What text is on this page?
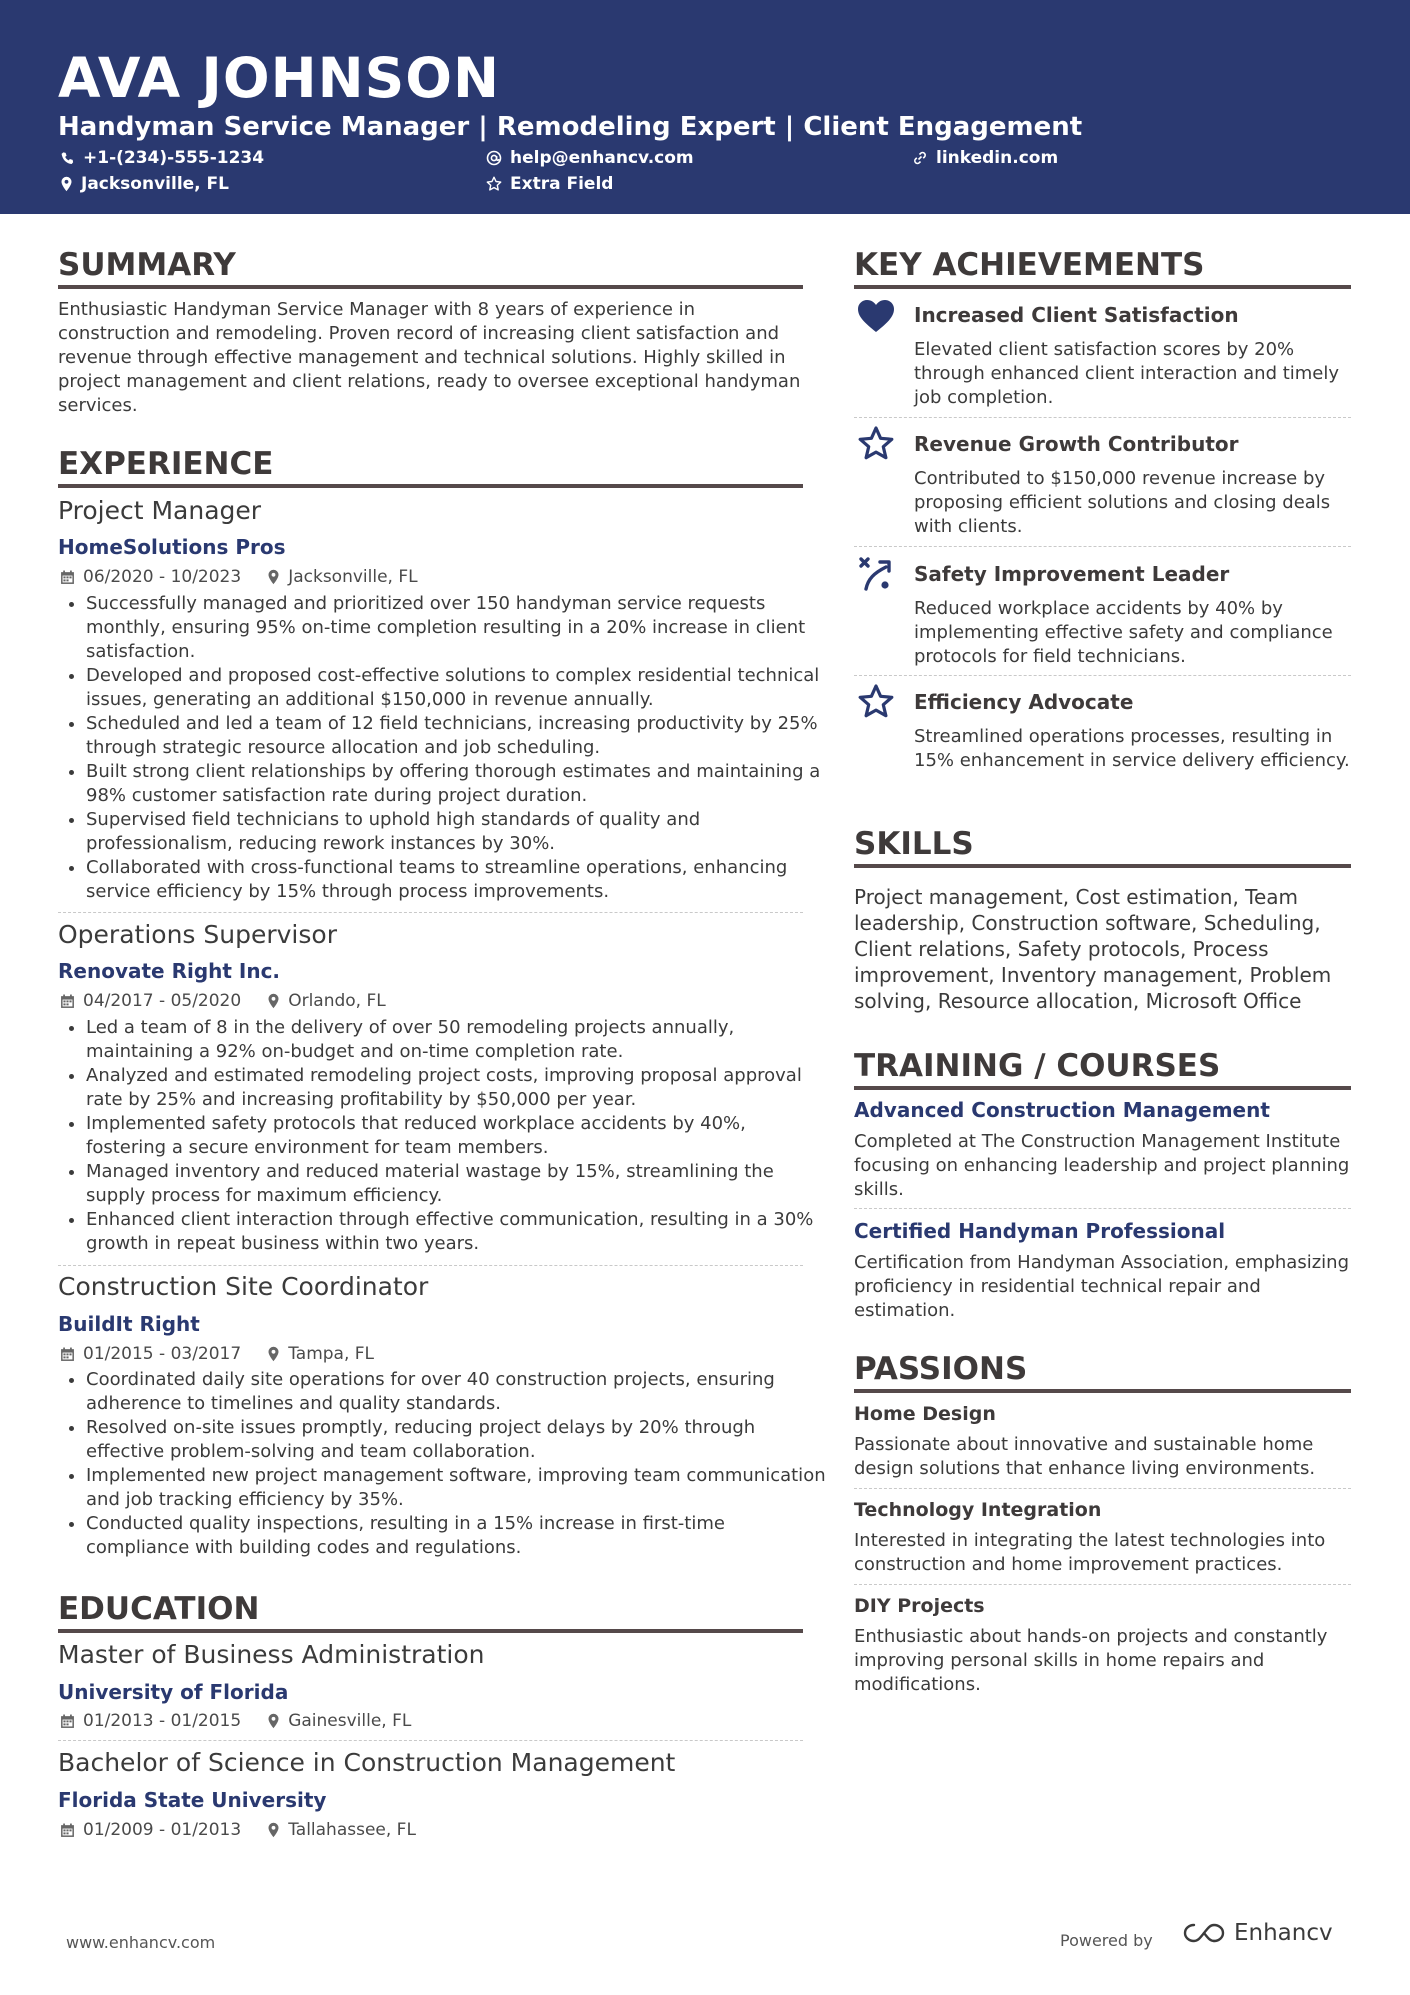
AVA JOHNSON
Handyman Service Manager | Remodeling Expert | Client Engagement
+1-(234)-555-1234	help@enhancv.com	linkedin.com
Jacksonville, FL	Extra Field
SUMMARY
Enthusiastic Handyman Service Manager with 8 years of experience in construction and remodeling. Proven record of increasing client satisfaction and revenue through effective management and technical solutions. Highly skilled in project management and client relations, ready to oversee exceptional handyman services.
EXPERIENCE
Project Manager
HomeSolutions Pros
06/2020 - 10/2023	Jacksonville, FL
• Successfully managed and prioritized over 150 handyman service requests monthly, ensuring 95% on-time completion resulting in a 20% increase in client satisfaction.
• Developed and proposed cost-effective solutions to complex residential technical issues, generating an additional $150,000 in revenue annually.
• Scheduled and led a team of 12 field technicians, increasing productivity by 25% through strategic resource allocation and job scheduling.
• Built strong client relationships by offering thorough estimates and maintaining a 98% customer satisfaction rate during project duration.
• Supervised field technicians to uphold high standards of quality and professionalism, reducing rework instances by 30%.
• Collaborated with cross-functional teams to streamline operations, enhancing service efficiency by 15% through process improvements.
Operations Supervisor
Renovate Right Inc.
04/2017 - 05/2020	Orlando, FL
• Led a team of 8 in the delivery of over 50 remodeling projects annually, maintaining a 92% on-budget and on-time completion rate.
• Analyzed and estimated remodeling project costs, improving proposal approval rate by 25% and increasing profitability by $50,000 per year.
• Implemented safety protocols that reduced workplace accidents by 40%, fostering a secure environment for team members.
• Managed inventory and reduced material wastage by 15%, streamlining the supply process for maximum efficiency.
• Enhanced client interaction through effective communication, resulting in a 30% growth in repeat business within two years.
Construction Site Coordinator
BuildIt Right
01/2015 - 03/2017	Tampa, FL
• Coordinated daily site operations for over 40 construction projects, ensuring adherence to timelines and quality standards.
• Resolved on-site issues promptly, reducing project delays by 20% through effective problem-solving and team collaboration.
• Implemented new project management software, improving team communication and job tracking efficiency by 35%.
• Conducted quality inspections, resulting in a 15% increase in first-time compliance with building codes and regulations.
EDUCATION
Master of Business Administration
University of Florida
01/2013 - 01/2015	Gainesville, FL
Bachelor of Science in Construction Management
Florida State University
01/2009 - 01/2013	Tallahassee, FL
KEY ACHIEVEMENTS
Increased Client Satisfaction
Elevated client satisfaction scores by 20% through enhanced client interaction and timely job completion.
Revenue Growth Contributor
Contributed to $150,000 revenue increase by proposing efficient solutions and closing deals with clients.
Safety Improvement Leader
Reduced workplace accidents by 40% by implementing effective safety and compliance protocols for field technicians.
Efficiency Advocate
Streamlined operations processes, resulting in 15% enhancement in service delivery efficiency.
SKILLS
Project management, Cost estimation, Team leadership, Construction software, Scheduling, Client relations, Safety protocols, Process improvement, Inventory management, Problem solving, Resource allocation, Microsoft Office
TRAINING / COURSES
Advanced Construction Management
Completed at The Construction Management Institute focusing on enhancing leadership and project planning skills.
Certified Handyman Professional
Certification from Handyman Association, emphasizing proficiency in residential technical repair and estimation.
PASSIONS
Home Design
Passionate about innovative and sustainable home design solutions that enhance living environments.
Technology Integration
Interested in integrating the latest technologies into construction and home improvement practices.
DIY Projects
Enthusiastic about hands-on projects and constantly improving personal skills in home repairs and modifications.
www.enhancv.com	Powered by	Enhancv
